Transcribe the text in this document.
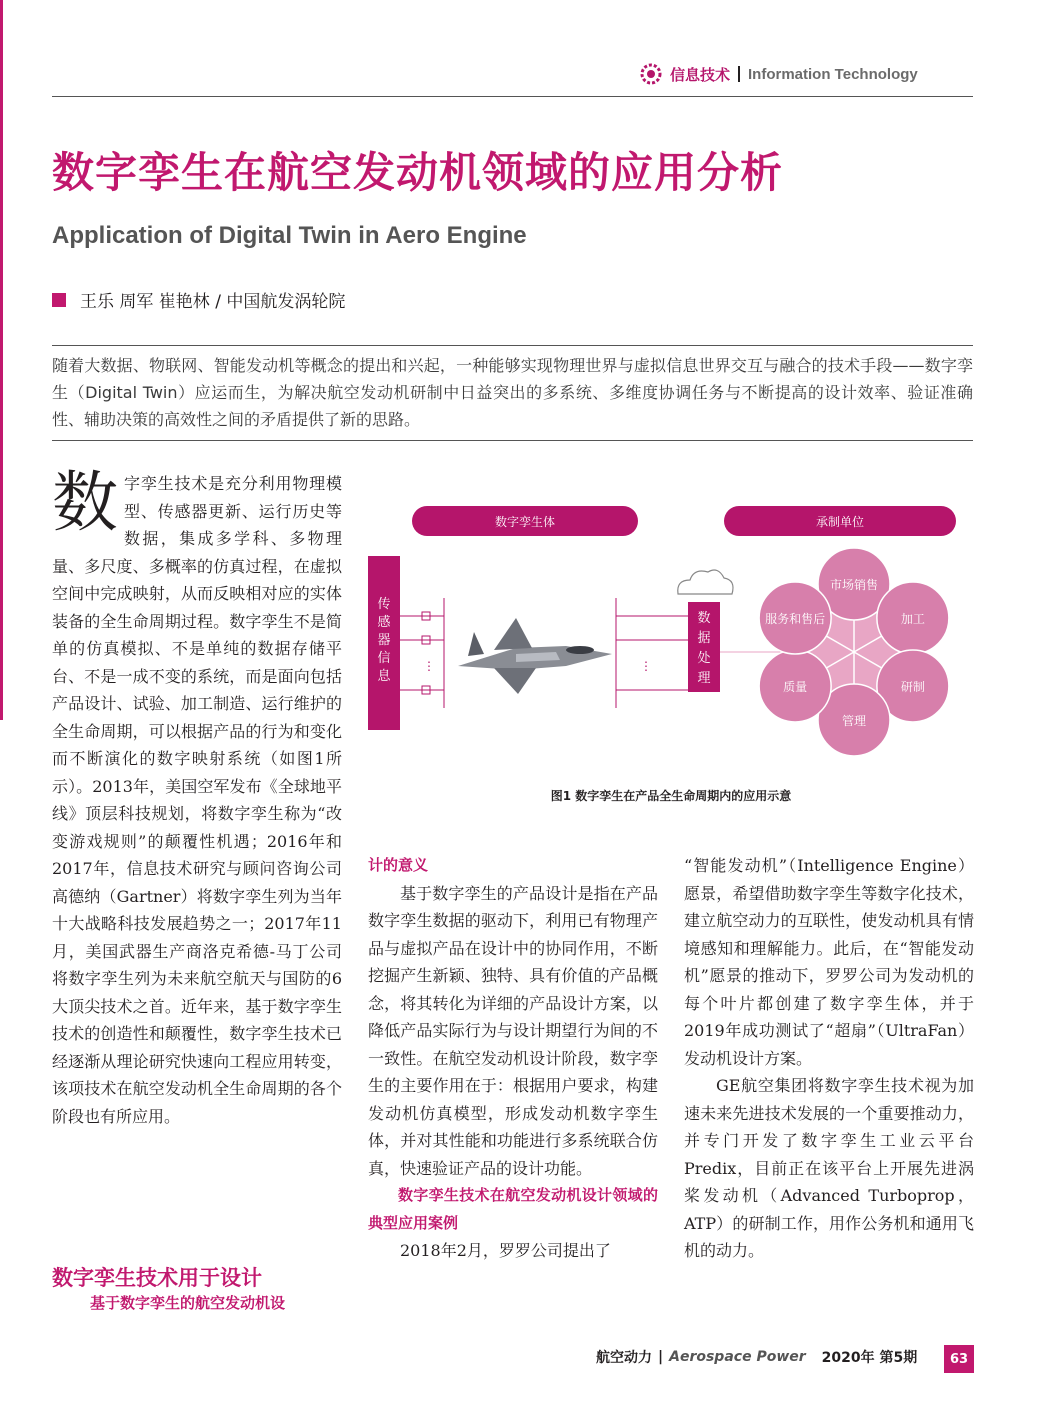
信息技术 Information Technology
数字孪生在航空发动机领域的应用分析
Application of Digital Twin in Aero Engine
王乐 周军 崔艳林 / 中国航发涡轮院
随着大数据、物联网、智能发动机等概念的提出和兴起，一种能够实现物理世界与虚拟信息世界交互与融合的技术手段——数字孪生（Digital Twin）应运而生，为解决航空发动机研制中日益突出的多系统、多维度协调任务与不断提高的设计效率、验证准确性、辅助决策的高效性之间的矛盾提供了新的思路。
数 字孪生技术是充分利用物理模型、传感器更新、运行历史等数据，集成多学科、多物理量、多尺度、多概率的仿真过程，在虚拟空间中完成映射，从而反映相对应的实体装备的全生命周期过程。数字孪生不是简单的仿真模拟、不是单纯的数据存储平台、不是一成不变的系统，而是面向包括产品设计、试验、加工制造、运行维护的全生命周期，可以根据产品的行为和变化而不断演化的数字映射系统（如图1所示）。2013年，美国空军发布《全球地平线》顶层科技规划，将数字孪生称为“改变游戏规则”的颠覆性机遇；2016年和2017年，信息技术研究与顾问咨询公司高德纳（Gartner）将数字孪生列为当年十大战略科技发展趋势之一；2017年11月，美国武器生产商洛克希德-马丁公司将数字孪生列为未来航空航天与国防的6大顶尖技术之首。近年来，基于数字孪生技术的创造性和颠覆性，数字孪生技术已经逐渐从理论研究快速向工程应用转变，该项技术在航空发动机全生命周期的各个阶段也有所应用。
数字孪生技术用于设计
基于数字孪生的航空发动机设
数字孪生体	承制单位
传
感
器
信
息
数
据
处
理
⋮	⋮
市场销售
加工
研制
管理
质量
服务和售后
图1 数字孪生在产品全生命周期内的应用示意

计的意义

基于数字孪生的产品设计是指在产品数字孪生数据的驱动下，利用已有物理产品与虚拟产品在设计中的协同作用，不断挖掘产生新颖、独特、具有价值的产品概念，将其转化为详细的产品设计方案，以降低产品实际行为与设计期望行为间的不一致性。在航空发动机设计阶段，数字孪生的主要作用在于：根据用户要求，构建发动机仿真模型，形成发动机数字孪生体，并对其性能和功能进行多系统联合仿真，快速验证产品的设计功能。

数字孪生技术在航空发动机设计领域的典型应用案例

2018年2月，罗罗公司提出了

“智能发动机”（Intelligence Engine）愿景，希望借助数字孪生等数字化技术，建立航空动力的互联性，使发动机具有情境感知和理解能力。此后，在“智能发动机”愿景的推动下，罗罗公司为发动机的每个叶片都创建了数字孪生体，并于2019年成功测试了“超扇”（UltraFan）发动机设计方案。

GE航空集团将数字孪生技术视为加速未来先进技术发展的一个重要推动力，并专门开发了数字孪生工业云平台Predix，目前正在该平台上开展先进涡桨发动机（Advanced Turboprop，ATP）的研制工作，用作公务机和通用飞机的动力。

航空动力 | Aerospace Power 2020年 第5期	63
